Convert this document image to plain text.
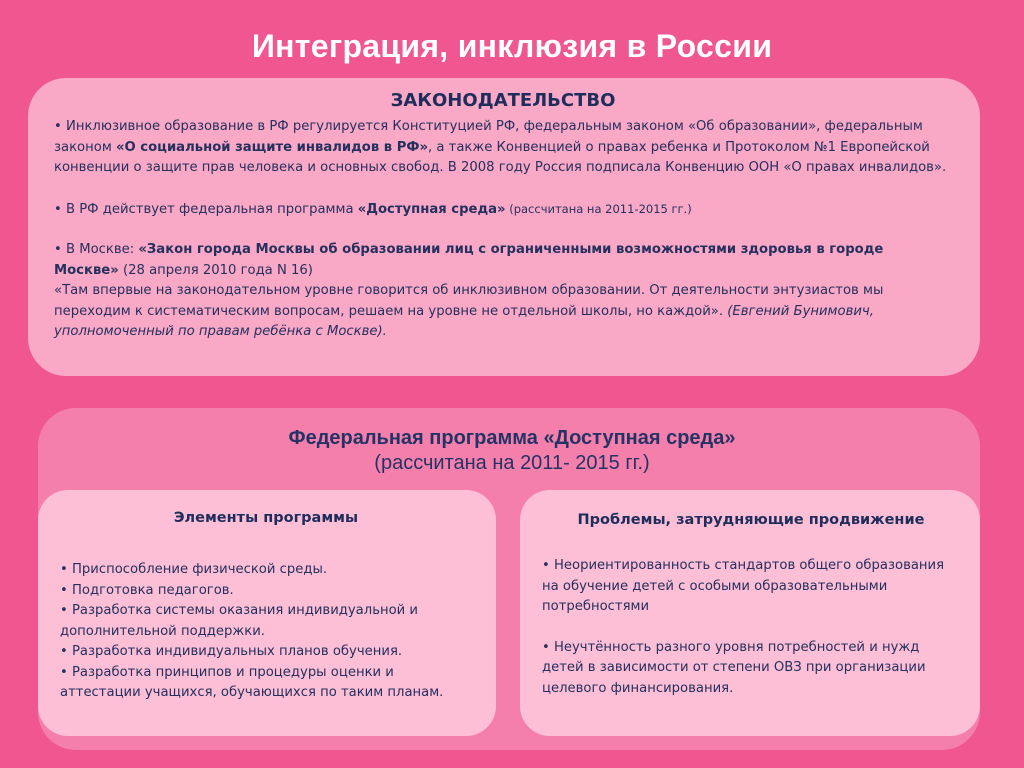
Интеграция, инклюзия в России
ЗАКОНОДАТЕЛЬСТВО

• Инклюзивное образование в РФ регулируется Конституцией РФ, федеральным законом «Об образовании», федеральным законом «О социальной защите инвалидов в РФ», а также Конвенцией о правах ребенка и Протоколом №1 Европейской конвенции о защите прав человека и основных свобод. В 2008 году Россия подписала Конвенцию ООН «О правах инвалидов».

• В РФ действует федеральная программа «Доступная среда» (рассчитана на 2011-2015 гг.)

• В Москве: «Закон города Москвы об образовании лиц с ограниченными возможностями здоровья в городе Москве» (28 апреля 2010 года N 16)

«Там впервые на законодательном уровне говорится об инклюзивном образовании. От деятельности энтузиастов мы переходим к систематическим вопросам, решаем на уровне не отдельной школы, но каждой». (Евгений Бунимович, уполномоченный по правам ребёнка с Москве).

Федеральная программа «Доступная среда»
(рассчитана на 2011- 2015 гг.)
Элементы программы
• Приспособление физической среды.
• Подготовка педагогов.
• Разработка системы оказания индивидуальной и дополнительной поддержки.
• Разработка индивидуальных планов обучения.
• Разработка принципов и процедуры оценки и аттестации учащихся, обучающихся по таким планам.
Проблемы, затрудняющие продвижение
• Неориентированность стандартов общего образования на обучение детей с особыми образовательными потребностями
• Неучтённость разного уровня потребностей и нужд детей в зависимости от степени ОВЗ при организации целевого финансирования.
